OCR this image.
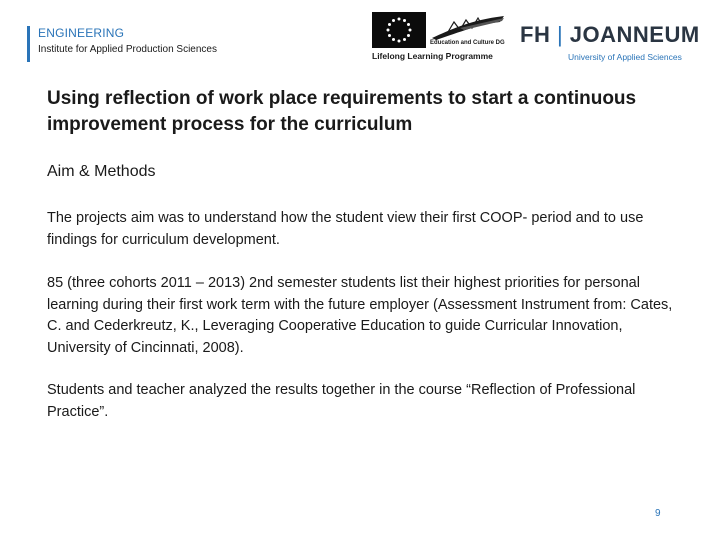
ENGINEERING
Institute for Applied Production Sciences
Education and Culture DG
Lifelong Learning Programme
FH | JOANNEUM
University of Applied Sciences
Using reflection of work place requirements to start a continuous improvement process for the curriculum
Aim & Methods
The projects aim was to understand how the student view their first COOP- period and to use findings for curriculum development.
85 (three cohorts 2011 – 2013) 2nd semester students list their highest priorities for personal learning during their first work term with the future employer (Assessment Instrument from: Cates, C. and Cederkreutz, K., Leveraging Cooperative Education to guide Curricular Innovation, University of Cincinnati, 2008).
Students and teacher analyzed the results together in the course “Reflection of Professional Practice”.
9
